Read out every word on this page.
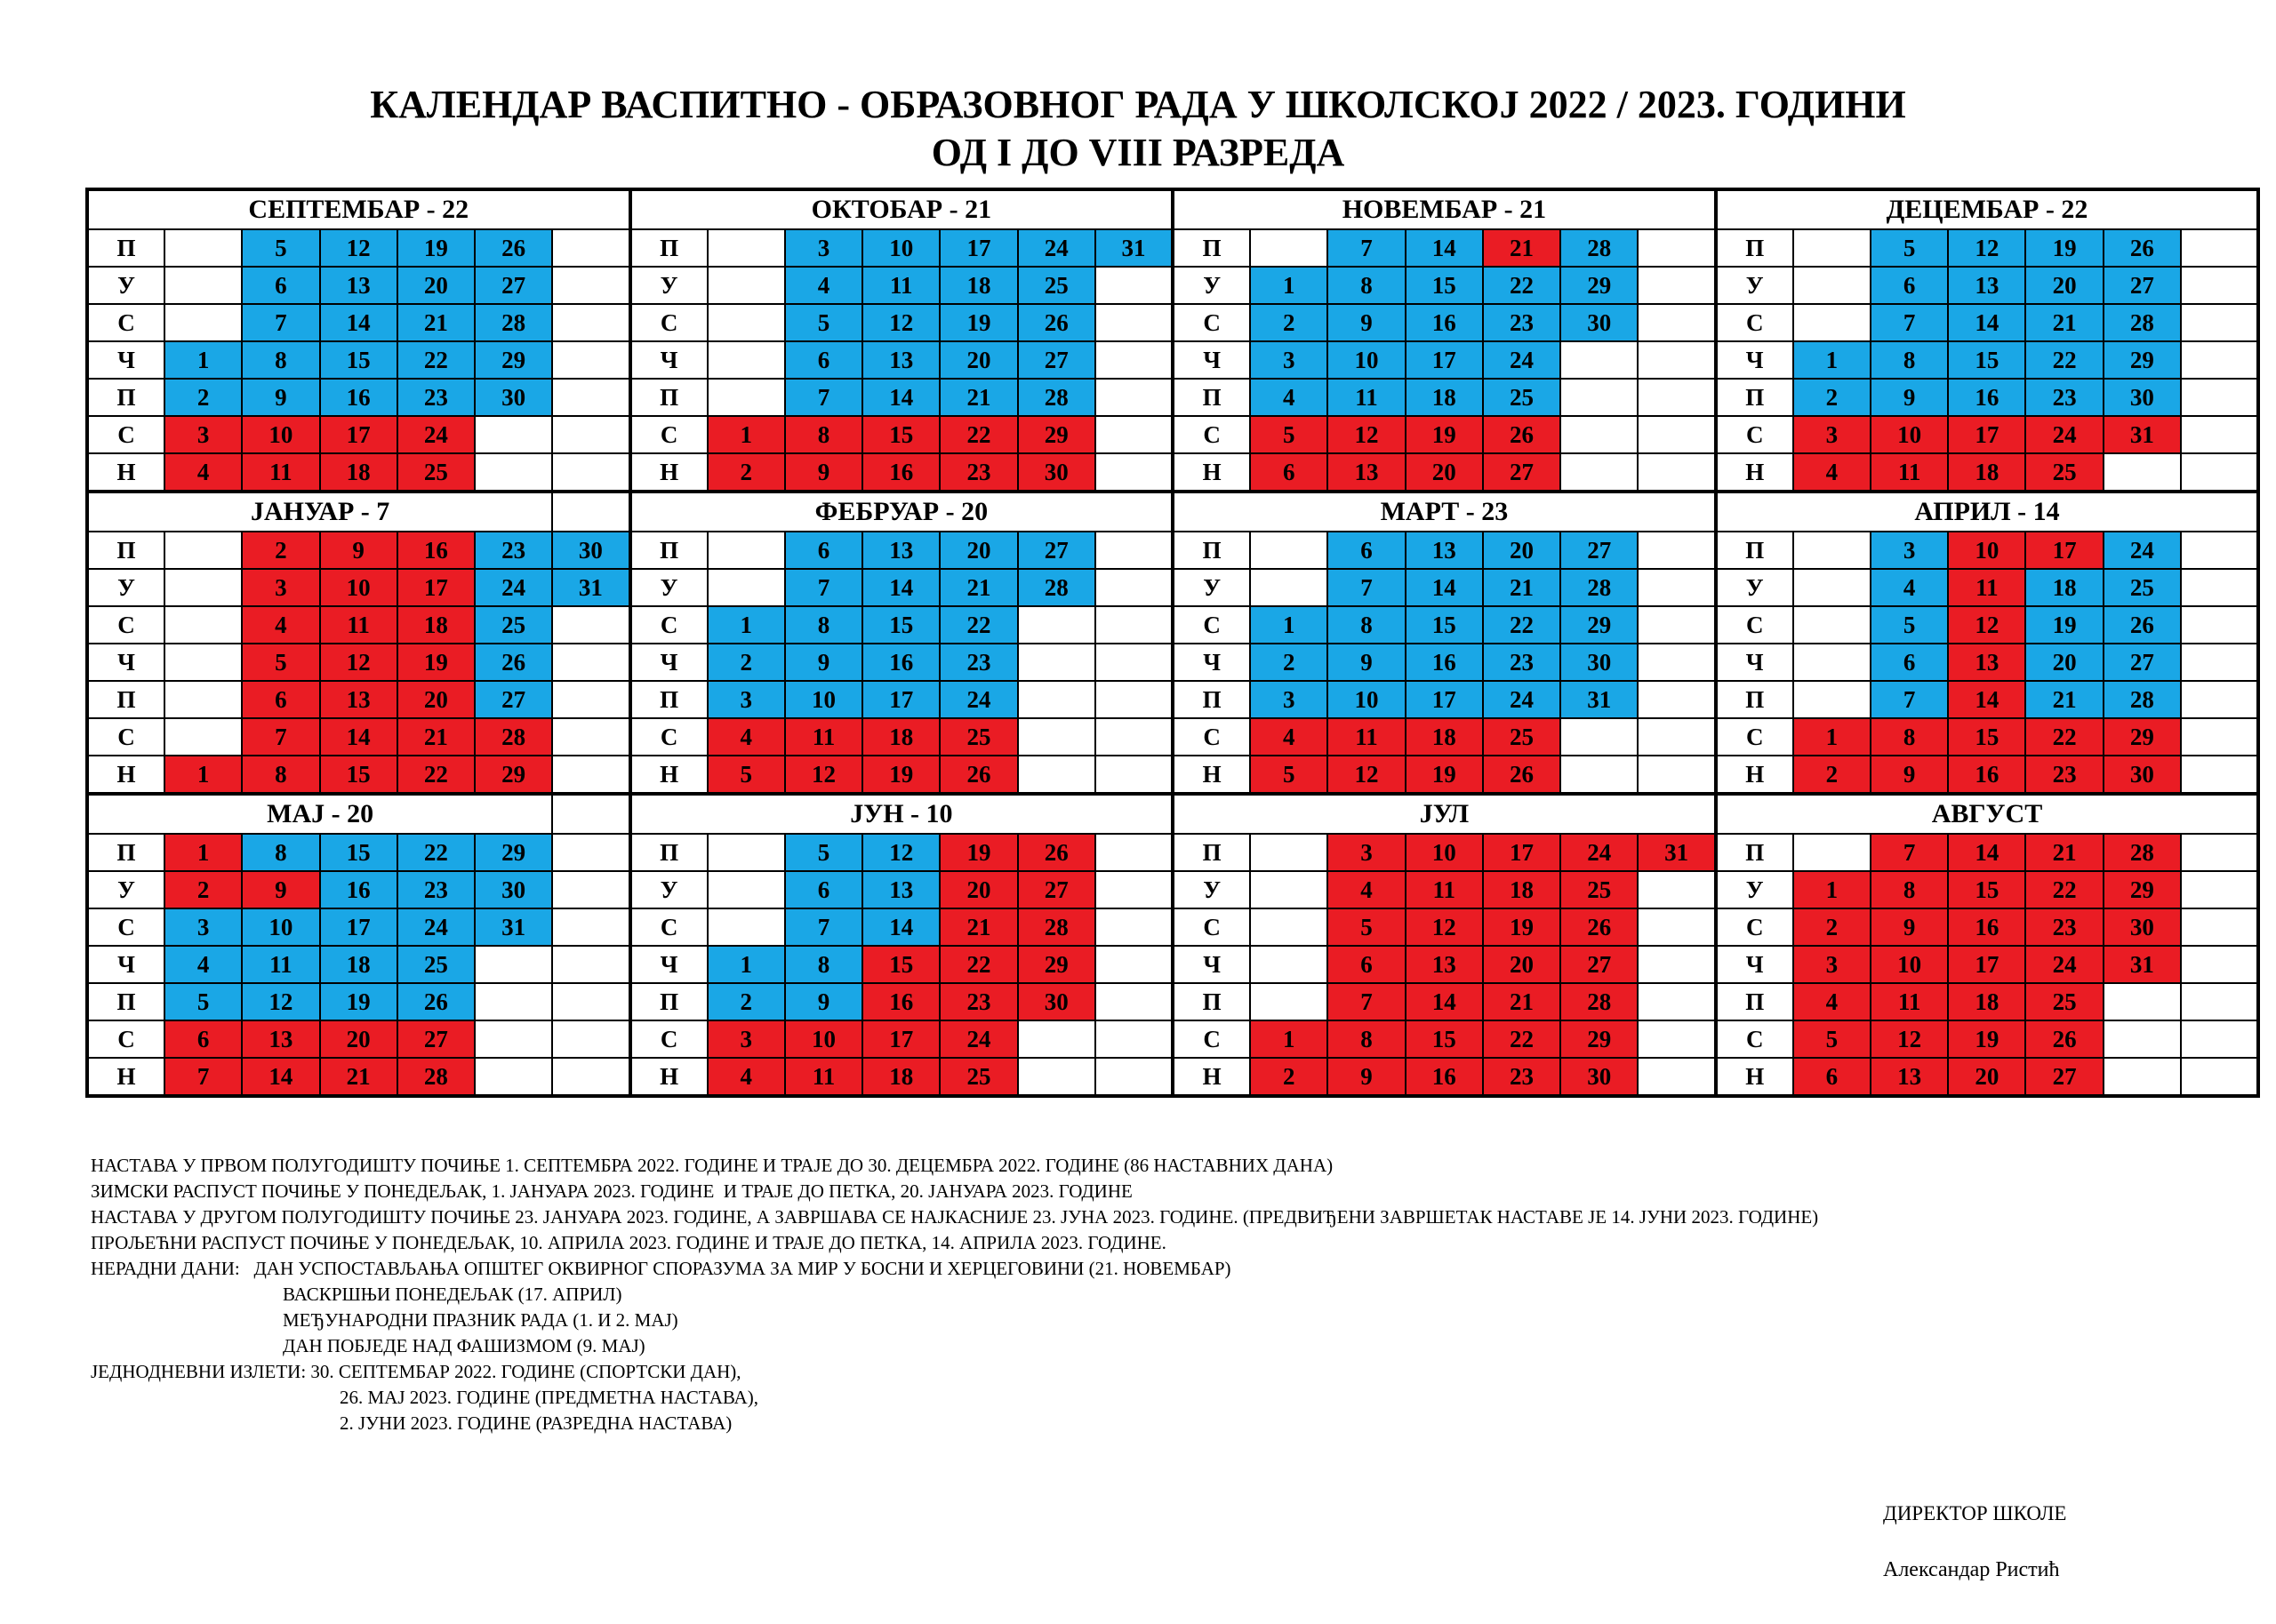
КАЛЕНДАР ВАСПИТНО - ОБРАЗОВНОГ РАДА У ШКОЛСКОЈ 2022 / 2023. ГОДИНИ
ОД I ДО VIII РАЗРЕДА
СЕПТЕМБАР - 22							ОКТОБАР - 21							НОВЕМБАР - 21							ДЕЦЕМБАР - 22						
П		5	12	19	26		П		3	10	17	24	31	П		7	14	21	28		П		5	12	19	26	
У		6	13	20	27		У		4	11	18	25		У	1	8	15	22	29		У		6	13	20	27	
С		7	14	21	28		С		5	12	19	26		С	2	9	16	23	30		С		7	14	21	28	
Ч	1	8	15	22	29		Ч		6	13	20	27		Ч	3	10	17	24			Ч	1	8	15	22	29	
П	2	9	16	23	30		П		7	14	21	28		П	4	11	18	25			П	2	9	16	23	30	
С	3	10	17	24			С	1	8	15	22	29		С	5	12	19	26			С	3	10	17	24	31	
Н	4	11	18	25			Н	2	9	16	23	30		Н	6	13	20	27			Н	4	11	18	25		
ЈАНУАР - 7							ФЕБРУАР - 20							МАРТ - 23							АПРИЛ - 14						
П		2	9	16	23	30	П		6	13	20	27		П		6	13	20	27		П		3	10	17	24	
У		3	10	17	24	31	У		7	14	21	28		У		7	14	21	28		У		4	11	18	25	
С		4	11	18	25		С	1	8	15	22			С	1	8	15	22	29		С		5	12	19	26	
Ч		5	12	19	26		Ч	2	9	16	23			Ч	2	9	16	23	30		Ч		6	13	20	27	
П		6	13	20	27		П	3	10	17	24			П	3	10	17	24	31		П		7	14	21	28	
С		7	14	21	28		С	4	11	18	25			С	4	11	18	25			С	1	8	15	22	29	
Н	1	8	15	22	29		Н	5	12	19	26			Н	5	12	19	26			Н	2	9	16	23	30	
МАЈ - 20							ЈУН - 10							ЈУЛ							АВГУСТ						
П	1	8	15	22	29		П		5	12	19	26		П		3	10	17	24	31	П		7	14	21	28	
У	2	9	16	23	30		У		6	13	20	27		У		4	11	18	25		У	1	8	15	22	29	
С	3	10	17	24	31		С		7	14	21	28		С		5	12	19	26		С	2	9	16	23	30	
Ч	4	11	18	25			Ч	1	8	15	22	29		Ч		6	13	20	27		Ч	3	10	17	24	31	
П	5	12	19	26			П	2	9	16	23	30		П		7	14	21	28		П	4	11	18	25		
С	6	13	20	27			С	3	10	17	24			С	1	8	15	22	29		С	5	12	19	26		
Н	7	14	21	28			Н	4	11	18	25			Н	2	9	16	23	30		Н	6	13	20	27		
НАСТАВА У ПРВОМ ПОЛУГОДИШТУ ПОЧИЊЕ 1. СЕПТЕМБРА 2022. ГОДИНЕ И ТРАЈЕ ДО 30. ДЕЦЕМБРА 2022. ГОДИНЕ (86 НАСТАВНИХ ДАНА)
ЗИМСКИ РАСПУСТ ПОЧИЊЕ У ПОНЕДЕЉАК, 1. ЈАНУАРА 2023. ГОДИНЕ  И ТРАЈЕ ДО ПЕТКА, 20. ЈАНУАРА 2023. ГОДИНЕ
НАСТАВА У ДРУГОМ ПОЛУГОДИШТУ ПОЧИЊЕ 23. ЈАНУАРА 2023. ГОДИНЕ, А ЗАВРШАВА СЕ НАЈКАСНИЈЕ 23. ЈУНА 2023. ГОДИНЕ. (ПРЕДВИЂЕНИ ЗАВРШЕТАК НАСТАВЕ ЈЕ 14. ЈУНИ 2023. ГОДИНЕ)
ПРОЉЕЋНИ РАСПУСТ ПОЧИЊЕ У ПОНЕДЕЉАК, 10. АПРИЛА 2023. ГОДИНЕ И ТРАЈЕ ДО ПЕТКА, 14. АПРИЛА 2023. ГОДИНЕ.
НЕРАДНИ ДАНИ:   ДАН УСПОСТАВЉАЊА ОПШТЕГ ОКВИРНОГ СПОРАЗУМА ЗА МИР У БОСНИ И ХЕРЦЕГОВИНИ (21. НОВЕМБАР)
ВАСКРШЊИ ПОНЕДЕЉАК (17. АПРИЛ)
МЕЂУНАРОДНИ ПРАЗНИК РАДА (1. И 2. МАЈ)
ДАН ПОБЈЕДЕ НАД ФАШИЗМОМ (9. МАЈ)
ЈЕДНОДНЕВНИ ИЗЛЕТИ: 30. СЕПТЕМБАР 2022. ГОДИНЕ (СПОРТСКИ ДАН),
26. МАЈ 2023. ГОДИНЕ (ПРЕДМЕТНА НАСТАВА),
2. ЈУНИ 2023. ГОДИНЕ (РАЗРЕДНА НАСТАВА)
ДИРЕКТОР ШКОЛЕ
Александар Ристић
